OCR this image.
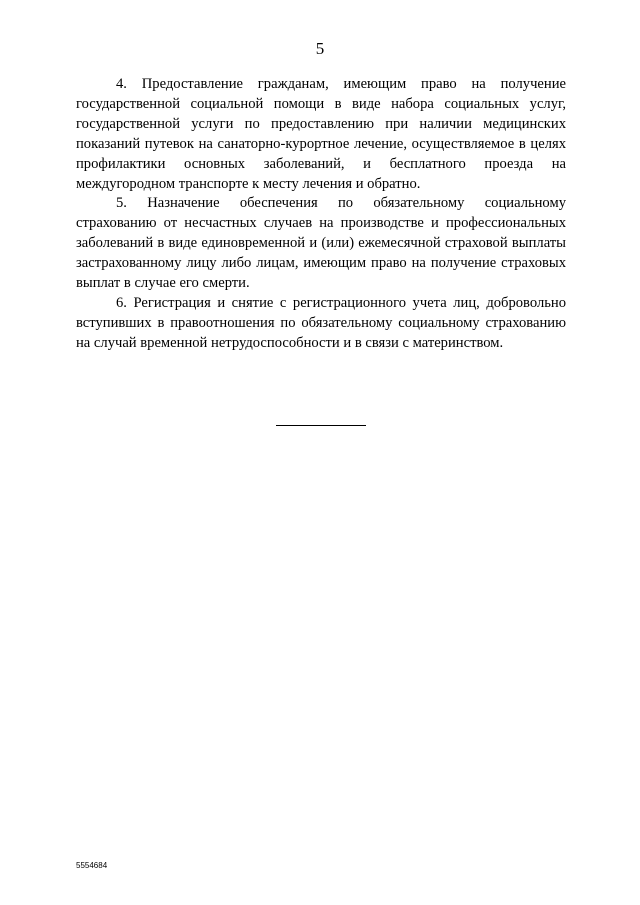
5

4. Предоставление гражданам, имеющим право на получение государственной социальной помощи в виде набора социальных услуг, государственной услуги по предоставлению при наличии медицинских показаний путевок на санаторно-курортное лечение, осуществляемое в целях профилактики основных заболеваний, и бесплатного проезда на междугородном транспорте к месту лечения и обратно.

5. Назначение обеспечения по обязательному социальному страхованию от несчастных случаев на производстве и профессиональных заболеваний в виде единовременной и (или) ежемесячной страховой выплаты застрахованному лицу либо лицам, имеющим право на получение страховых выплат в случае его смерти.

6. Регистрация и снятие с регистрационного учета лиц, добровольно вступивших в правоотношения по обязательному социальному страхованию на случай временной нетрудоспособности и в связи с материнством.

5554684
